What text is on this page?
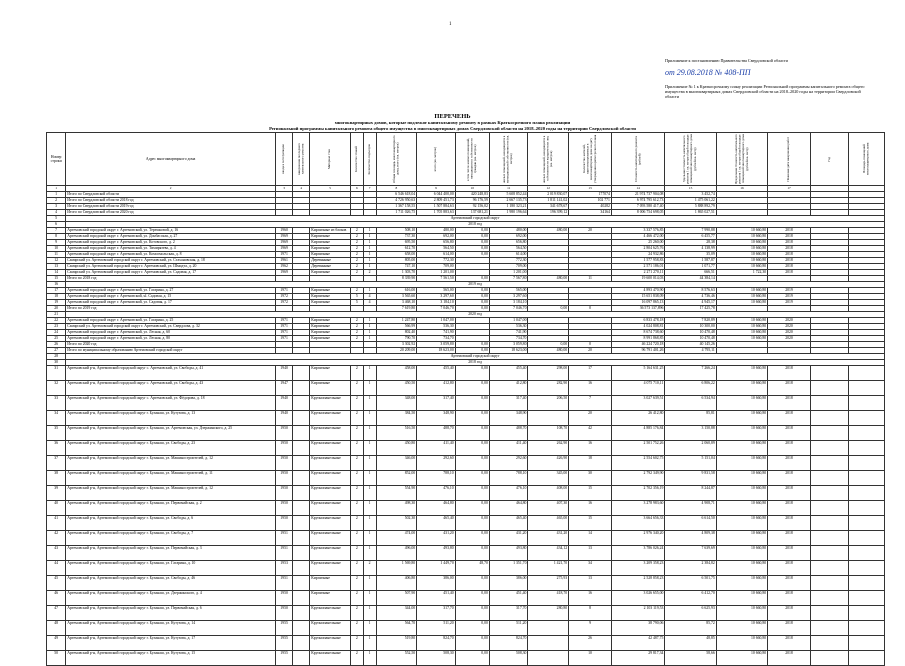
1
Приложение к постановлению Правительства Свердловской области
от 29.08.2018 № 408-ПП
Приложение № 1 к Краткосрочному плану реализации Региональной программы капитального ремонта общего имущества в многоквартирных домах Свердловской области на 2018–2020 годы на территории Свердловской области
ПЕРЕЧЕНЬ
многоквартирных домов, которые подлежат капитальному ремонту в рамках Краткосрочного плана реализации
Региональной программы капитального ремонта общего имущества в многоквартирных домах Свердловской области на 2018–2020 годы на территории Свердловской области
Номер строки	Адрес многоквартирного дома	ввода в эксплуатацию	завершения последнего капитального ремонта	Материал стен	Количество этажей	Количество подъездов	Общая площадь многоквартирного дома, всего (кв. метров)	всего (кв. метров)	в том числе жилых помещений, находящихся в собственности граждан (кв. метров)	жилых помещений, находящихся в муниципальной собственности (кв. метров)	жилых помещений, находящихся в собственности юридических лиц (кв. метров)	Количество жителей, зарегистрированных в многоквартирном доме на дату утверждения краткосрочного плана	Стоимость капитального ремонта (рублей)	Удельная стоимость капитального ремонта 1 кв. метра общей площади помещений многоквартирного дома (рублей/кв. метр)	Предельная стоимость капитального ремонта 1 кв. метра общей площади помещений многоквартирного дома (рублей/кв. метр)	Плановая дата завершения работ	Год	Площадь помещений многоквартирного дома

1	2	3	4	5	6	7	8	9	10	11	12	13	14	15	16	17		
1	Итого по Свердловской области						6 546 618,04	6 044 400,00	420 248,83	5 608 852,44	2 019 830,07	177074	21 974 737 904,08	3 452,74				
2	Итого по Свердловской области 2018 год						4 726 950,63	2 809 451,73	96 176,59	2 667 135,73	1 811 141,02	102 771	6 974 795 612,73	1 475 061,22				
3	Итого по Свердловской области 2019 год						1 367 158,55	1 507 884,63	92 156,02	1 180 323,21	341 678,67	40282	7 093 580 417,40	5 888 892,79				
4	Итого по Свердловской области 2020 год						1 711 026,75	1 705 883,63	137 681,21	1 980 196,64	196 399,12	34164	8 006 754 698,05	1 865 027,51				
5	Артемовский городской округ																	
6	2018 год																	
7	Артемовский городской округ г. Артемовский, ул. Терешковой, д. 16	1960		Кирпичные из блоков	2	1	508,10	480,00	0,00	480,00	480,00	20	3 337 576,85	7 990,88	10 660,80	2018		
8	Артемовский городской округ г. Артемовский, ул. Донбасская, д. 27	1969		Кирпичные	2	1	737,30	692,00	0,00	692,00			4 466 472,00	6 455,77	10 660,80	2018		
9	Артемовский городской округ г. Артемовский, ул. Котовского, д. 2	1969		Кирпичные	2	1	695,50	656,80	0,00	656,80			25 260,00	28,38	10 660,80	2018		
10	Артемовский городской округ г. Артемовский, ул. Тимирязева, д. 4	1969		Кирпичные	2	1	612,70	564,50	0,00	564,50			2 804 625,76	4 138,99	10 660,80	2018		
11	Артемовский городской округ г. Артемовский, ул. Комсомольская, д. 8	1971		Кирпичные	2	1	658,00	614,00	0,00	614,00			24 932,86	35,09	10 660,80	2018		
12	Самарский ул. Артемовский городской округ г. Артемовский, ул. Стахановская, д. 18	1961		Деревянные	2	1	805,00	772,30		772,30			1 577 958,83	1 587,87	10 660,80	2018		
13	Самарский ул. Артемовский городской округ г. Артемовский, ул. Шмидта, д. 20	1962		Деревянные	2	1	747,10	709,00		709,00			2 571 186,01	1 071,77	10 660,80	2018		
14	Самарский ул. Артемовский городской округ г. Артемовский, ул. Садовая, д. 17	1969		Кирпичные	2	2	1 303,70	1 201,00		1 201,00			2 271 270,11	666,51	1 722,30	2018		
15	Итого по 2018 год						8 339,90	7 561,50	0,00	7 567,80	480,00	11	19 600 014,03	44 384,14				
16	2019 год																	
17	Артемовский городской округ г. Артемовский, ул. Гагарина, д. 27	1971		Кирпичные	2	1	616,00	565,00	0,00	565,00			4 893 470,90	8 576,63	10 660,80	2019		
18	Артемовский городской округ г. Артемовский, ul. Садовая, д. 15	1972		Кирпичные	5	4	3 565,60	3 297,60	0,00	3 297,60			15 651 838,09	4 736,46	10 660,80	2019		
19	Артемовский городской округ г. Артемовский, ул. Садовая, д. 17	1972		Кирпичные	5	4	3 468,10	3 184,10	0,00	3 184,10			16 097 865,13	4 945,17	10 660,80	2019		
20	Итого по 2019 год						7 619,80	7 046,70	0,00	7 046,70	0,00	0	36 573 137,896	17 425,78				
21	2020 год																	
22	Артемовский городской округ г. Артемовский, ул. Гагарина, д. 25	1971		Кирпичные	2	1	1 247,80	1 047,00		1 047,00			6 833 478,18	7 820,89	10 660,80	2020		
23	Самарский ул. Артемовский городской округ г. Артемовский, ул. Свердлова, д. 32	1971		Кирпичные	2	1	566,99	536,30		536,30			4 024 808,81	10 300,00	10 660,80	2020		
24	Артемовский городской округ г. Артемовский, ул. Лесная, д. 60	1971		Кирпичные	2	1	802,40	741,90		741,90			8 674 738,60	10 470,48	10 660,80	2020		
25	Артемовский городской округ г. Артемовский, ул. Лесная, д. 80	1971		Кирпичные	2	1	790,70	734,70		734,70			8 991 868,85	10 470,48	10 660,80	2020		
26	Итого по 2020 год						3 302,92	3 059,80	0,00	3 059,80	0,00	0	46 224 720,18	40 145,26				
27	Итого по муниципальному образованию Артемовский городской округ						20 209,00	18 623,00	0,00	18 623,00	480,00	20	96 791 401,26	4 795,11				
28	Артемовский городской округ																	
30	2018 год																	
31	Артемовский р-н, Артемовский городской округ с. Артемовский, ул. Свободы, д. 41	1940		Кирпичные	2	1	458,00	455,40	0,00	455,40	298,00	17	5 164 631,25	7 266,24	10 660,80	2018		
32	Артемовский р-н, Артемовский городской округ с. Артемовский, ул. Свободы, д. 43	1947		Кирпичные	2	1	450,50	412,80	0,00	412,80	282,90	16	4 075 710,11	6 806,22	10 660,80	2018		
33	Артемовский р-н, Артемовский городской округ с. Артемовский, ул. Фёдорова, д. 18	1940		Крупнопанельные	2	1	348,00	317,40	0,00	317,40	206,50	7	3 027 639,51	6 534,94	10 660,80	2018		
34	Артемовский р-н, Артемовский городской округ г. Буланаш, ул. Кутузова, д. 13	1940		Крупнопанельные	2	1	384,50	348,90	0,00	348,90		20	26 412,80	85,81	10 660,80	2018		
35	Артемовский р-н, Артемовский городской округ г. Буланаш, ул. Артемовская, ул. Дзержинского, д. 25	1950		Крупнопанельные	2	1	516,50	488,70	0,00	488,70	108,70	42	4 885 176,84	3 150,88	10 660,80	2018		
36	Артемовский р-н, Артемовский городской округ г. Буланаш, ул. Свободы, д. 23	1950		Крупнопанельные	2	1	450,80	411,40	0,00	411,40	262,90	16	2 501 752,26	2 060,89	10 660,80	2018		
37	Артемовский р-н, Артемовский городской округ г. Буланаш, ул. Машиностроителей, д. 12	1950		Крупнопанельные	2	1	346,00	292,60	0,00	292,60	426,90	18	2 554 602,75	5 151,04	10 660,80	2018		
38	Артемовский р-н, Артемовский городской округ г. Буланаш, ул. Машиностроителей, д. 11	1950		Крупнопанельные	2	1	852,00	788,10	0,00	788,10	345,00	30	2 792 349,90	9 831,58	10 660,80	2018		
39	Артемовский р-н, Артемовский городской округ г. Буланаш, ул. Машиностроителей, д. 12	1950		Крупнопанельные	2	1	554,90	476,10	0,00	476,10	408,00	15	2 702 356,19	8 244,87	10 660,80	2018		
40	Артемовский р-н, Артемовский городской округ г. Буланаш, ул. Первомайская, д. 2	1950		Крупнопанельные	2	1	498,30	464,80	0,00	464,80	407,30	16	3 278 983,60	4 908,71	10 660,80	2018		
41	Артемовский р-н, Артемовский городской округ г. Буланаш, ул. Свободы, д. 6	1950		Крупнопанельные	2	1	502,30	465,40	0,00	465,40	465,00	15	3 664 656,33	6 614,50	10 660,80	2018		
42	Артемовский р-н, Артемовский городской округ г. Буланаш, ул. Свободы, д. 7	1951		Крупнопанельные	2	1	474,00	431,20	0,00	431,20	431,20	14	2 976 340,20	4 809,38	10 660,80	2018		
43	Артемовский р-н, Артемовский городской округ г. Буланаш, ул. Первомайская, д. 3	1951		Крупнопанельные	2	1	496,00	493,80	0,00	493,80	434,12	13	3 786 026,24	7 639,69	10 660,80	2018		
44	Артемовский р-н, Артемовский городской округ г. Буланаш, ул. Гагарина, д. 10	1953		Крупнопанельные	2	2	1 569,80	1 449,70	48,70	1 351,70	1 421,70	34	3 209 358,23	2 384,82	10 660,80	2018		
45	Артемовский р-н, Артемовский городской округ г. Буланаш, ул. Свободы, д. 46	1951		Кирпичные	2	1	406,80	386,00	0,00	386,00	275,93	13	2 528 858,23	6 501,75	10 660,80	2018		
46	Артемовский р-н, Артемовский городской округ г. Буланаш, ул. Дзержинского, д. 4	1950		Кирпичные	2	1	507,90	451,40	0,00	451,40	418,70	16	3 026 655,00	6 412,70	10 660,80	2018		
47	Артемовский р-н, Артемовский городской округ г. Буланаш, ул. Первомайская, д. 6	1950		Крупнопанельные	2	1	344,00	317,70	0,00	317,70	280,80	8	2 103 119,53	6 625,93	10 660,80	2018		
48	Артемовский р-н, Артемовский городской округ г. Буланаш, ул. Кутузова, д. 14	1955		Крупнопанельные	2	1	564,70	511,20	0,00	511,20		9	38 790,06	85,72	10 660,80	2018		
49	Артемовский р-н, Артемовский городской округ г. Буланаш, ул. Кутузова, д. 17	1955		Крупнопанельные	2	1	519,80	824,70	0,00	824,70		26	42 487,75	48,85	10 660,80	2018		
50	Артемовский р-н, Артемовский городской округ г. Буланаш, ул. Кутузова, д. 15	1955		Крупнопанельные	2	1	552,50	508,30	0,00	508,30		10	29 817,34	58,66	10 660,80	2018		
